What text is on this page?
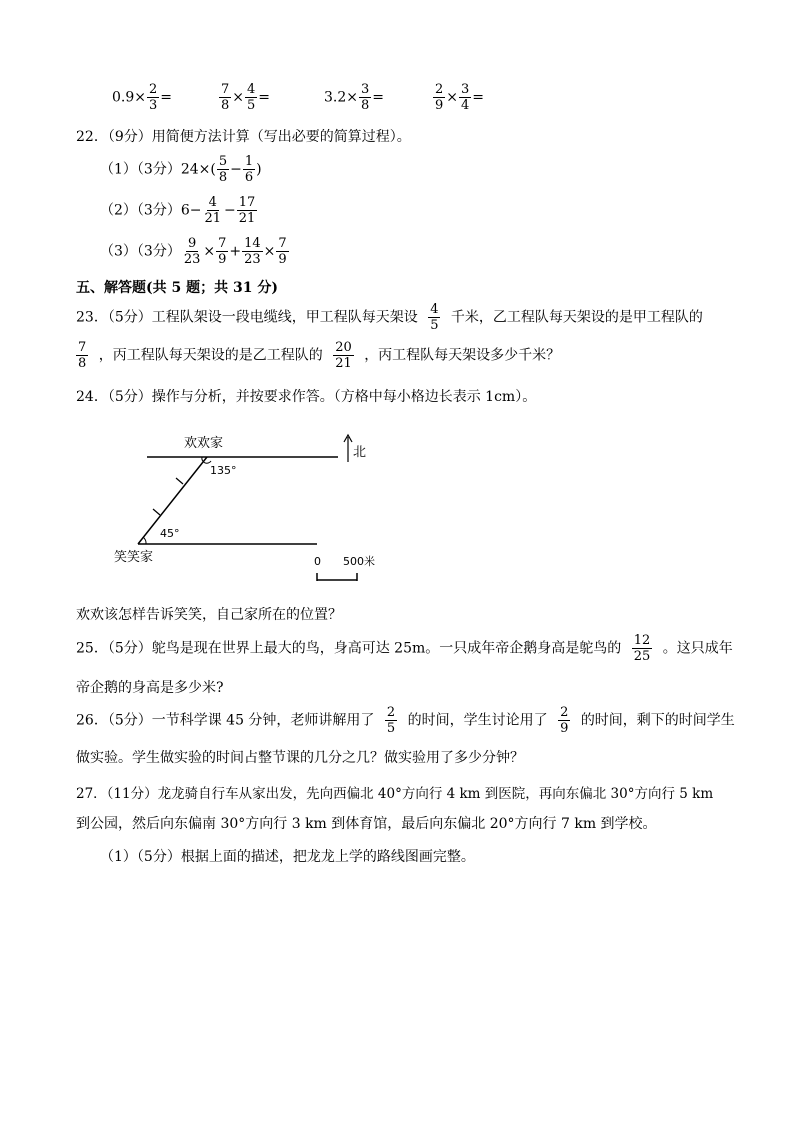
$0.9\times \frac{2}{3}$ =	$\frac{7}{8} \times \frac{4}{5}$ =	$3.2\times \frac{3}{8}$ =	$\frac{2}{9} \times \frac{3}{4}$ =
22．（9分）用简便方法计算（写出必要的简算过程）。
（1）（3分）$24\times( \frac{5}{8} - \frac{1}{6}$ )
（2）（3分）$6- \frac{4}{21} - \frac{17}{21}$
（3）（3分） $\frac{9}{23} \times \frac{7}{9} + \frac{14}{23} \times \frac{7}{9}$
五、解答题(共 5 题；共 31 分)
23．（5分）工程队架设一段电缆线，甲工程队每天架设 $\frac{4}{5}$ 千米，乙工程队每天架设的是甲工程队的
$\frac{7}{8}$ ，丙工程队每天架设的是乙工程队的 $\frac{20}{21}$ ，丙工程队每天架设多少千米？
24．（5分）操作与分析，并按要求作答。（方格中每小格边长表示 1cm）。
欢欢家
笑笑家
135°
45°
北
0 500米
欢欢该怎样告诉笑笑，自己家所在的位置？
25．（5分）鸵鸟是现在世界上最大的鸟，身高可达 25m。一只成年帝企鹅身高是鸵鸟的 $\frac{12}{25}$ 。这只成年
帝企鹅的身高是多少米?
26．（5分）一节科学课 45 分钟，老师讲解用了 $\frac{2}{5}$ 的时间，学生讨论用了 $\frac{2}{9}$ 的时间，剩下的时间学生
做实验。学生做实验的时间占整节课的几分之几？做实验用了多少分钟？
27．（11分）龙龙骑自行车从家出发，先向西偏北 40°方向行 4 km 到医院，再向东偏北 30°方向行 5 km
到公园，然后向东偏南 30°方向行 3 km 到体育馆，最后向东偏北 20°方向行 7 km 到学校。
（1）（5分）根据上面的描述，把龙龙上学的路线图画完整。
